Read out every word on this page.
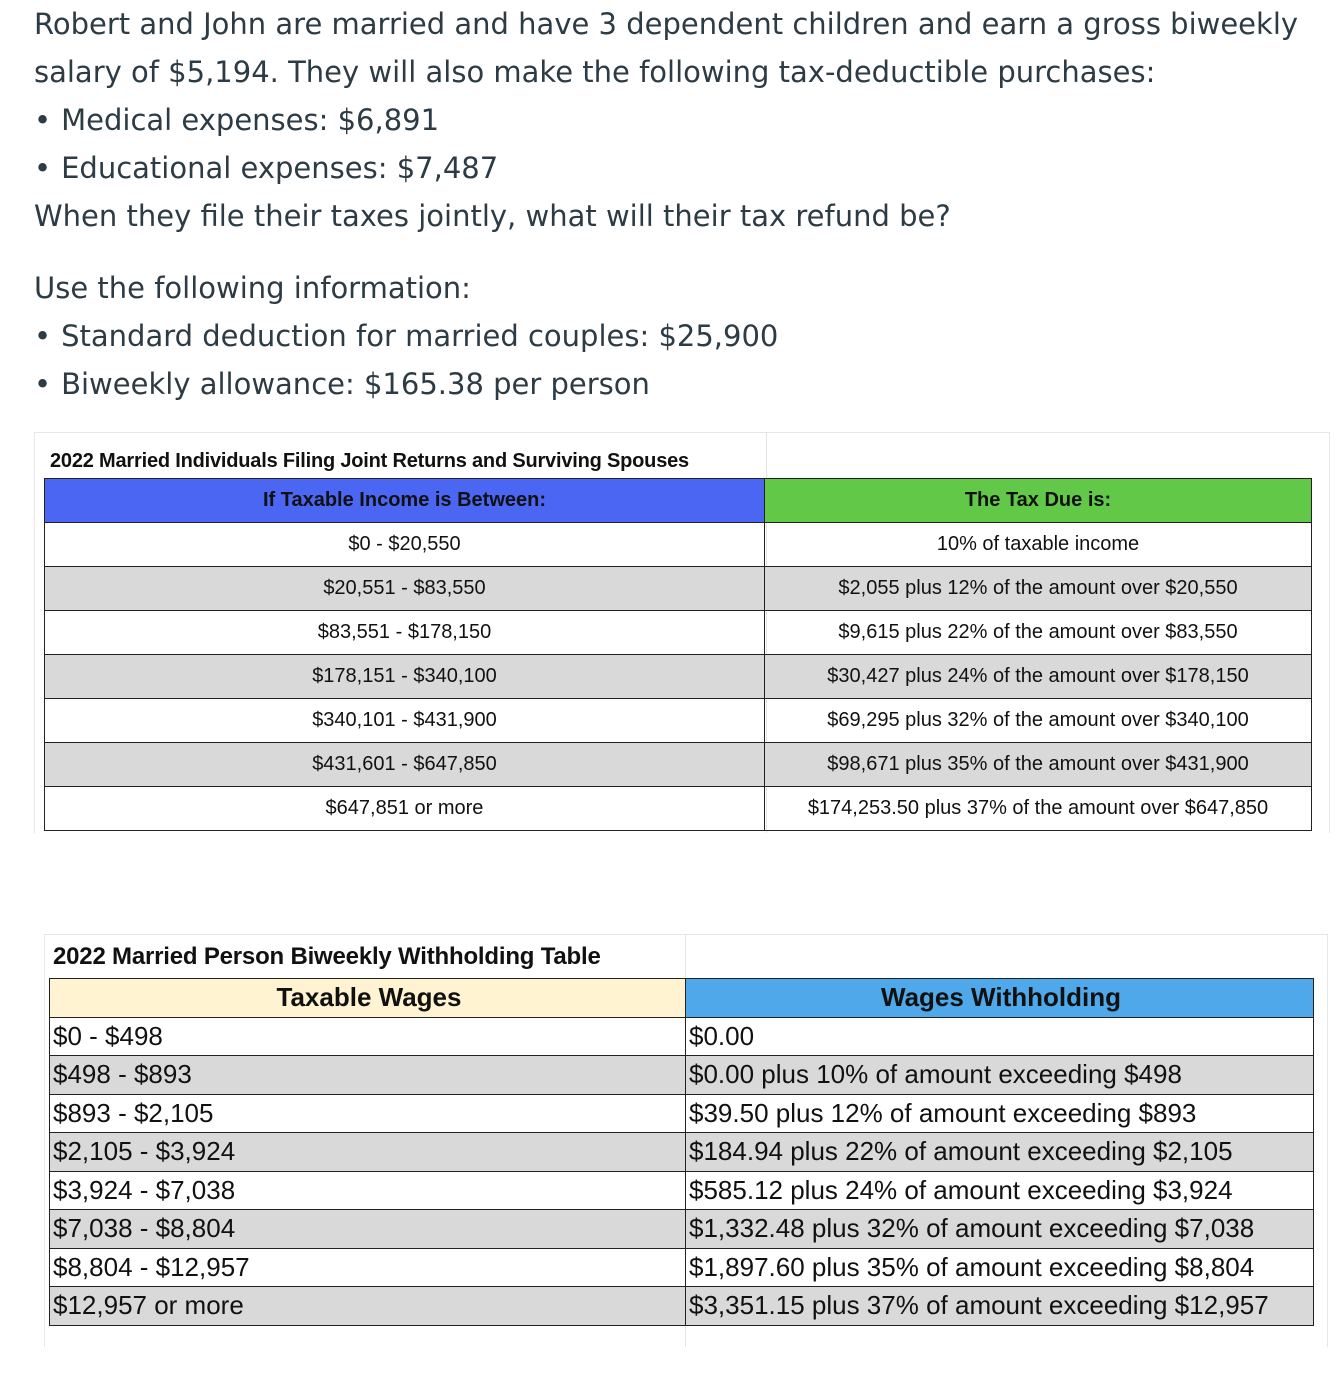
Robert and John are married and have 3 dependent children and earn a gross biweekly
salary of $5,194. They will also make the following tax-deductible purchases:
• Medical expenses: $6,891
• Educational expenses: $7,487
When they file their taxes jointly, what will their tax refund be?
Use the following information:
• Standard deduction for married couples: $25,900
• Biweekly allowance: $165.38 per person
2022 Married Individuals Filing Joint Returns and Surviving Spouses
If Taxable Income is Between:	The Tax Due is:
$0 - $20,550	10% of taxable income
$20,551 - $83,550	$2,055 plus 12% of the amount over $20,550
$83,551 - $178,150	$9,615 plus 22% of the amount over $83,550
$178,151 - $340,100	$30,427 plus 24% of the amount over $178,150
$340,101 - $431,900	$69,295 plus 32% of the amount over $340,100
$431,601 - $647,850	$98,671 plus 35% of the amount over $431,900
$647,851 or more	$174,253.50 plus 37% of the amount over $647,850
2022 Married Person Biweekly Withholding Table
Taxable Wages	Wages Withholding
$0 - $498	$0.00
$498 - $893	$0.00 plus 10% of amount exceeding $498
$893 - $2,105	$39.50 plus 12% of amount exceeding $893
$2,105 - $3,924	$184.94 plus 22% of amount exceeding $2,105
$3,924 - $7,038	$585.12 plus 24% of amount exceeding $3,924
$7,038 - $8,804	$1,332.48 plus 32% of amount exceeding $7,038
$8,804 - $12,957	$1,897.60 plus 35% of amount exceeding $8,804
$12,957 or more	$3,351.15 plus 37% of amount exceeding $12,957
